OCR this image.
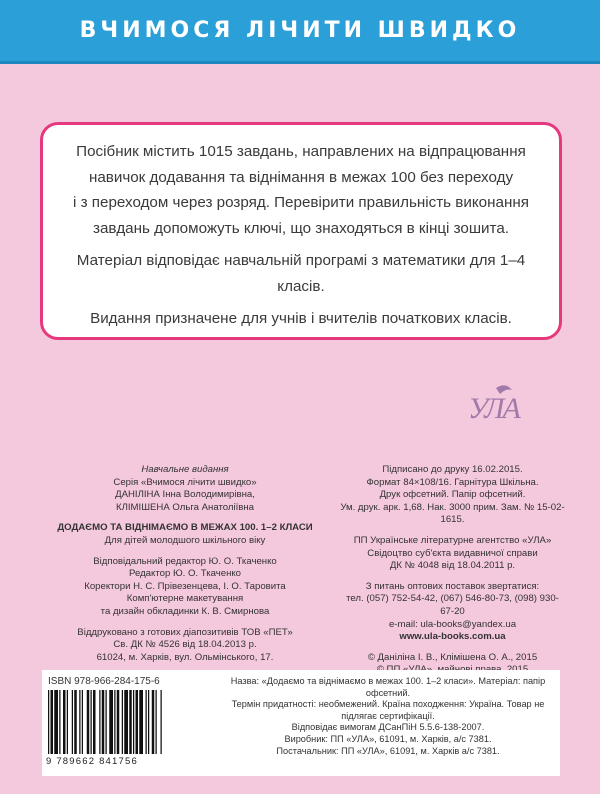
ВЧИМОСЯ ЛІЧИТИ ШВИДКО

Посібник містить 1015 завдань, направлених на відпрацювання
навичок додавання та віднімання в межах 100 без переходу
і з переходом через розряд. Перевірити правильність виконання
завдань допоможуть ключі, що знаходяться в кінці зошита.

Матеріал відповідає навчальній програмі з математики для 1–4 класів.

Видання призначене для учнів і вчителів початкових класів.

УЛА
Навчальне видання
Серія «Вчимося лічити швидко»
ДАНІЛІНА Інна Володимирівна,
КЛІМІШЕНА Ольга Анатоліївна
ДОДАЄМО ТА ВІДНІМАЄМО В МЕЖАХ 100. 1–2 КЛАСИ
Для дітей молодшого шкільного віку
Відповідальний редактор Ю. О. Ткаченко
Редактор Ю. О. Ткаченко
Коректори Н. С. Прівезенцева, І. О. Таровита
Комп'ютерне макетування
та дизайн обкладинки К. В. Смирнова
Віддруковано з готових діапозитивів ТОВ «ПЕТ»
Св. ДК № 4526 від 18.04.2013 р.
61024, м. Харків, вул. Ольмінського, 17.
Підписано до друку 16.02.2015.
Формат 84×108/16. Гарнітура Шкільна.
Друк офсетний. Папір офсетний.
Ум. друк. арк. 1,68. Нак. 3000 прим. Зам. № 15-02-1615.
ПП Українське літературне агентство «УЛА»
Свідоцтво суб'єкта видавничої справи
ДК № 4048 від 18.04.2011 р.
З питань оптових поставок звертатися:
тел. (057) 752-54-42, (067) 546-80-73, (098) 930-67-20
e-mail: ula-books@yandex.ua
www.ula-books.com.ua
© Даніліна І. В., Клімішена О. А., 2015
ISBN 978-966-284-175-6
9 789662 841756
Назва: «Додаємо та віднімаємо в межах 100. 1–2 класи». Матеріал: папір офсетний.
Термін придатності: необмежений. Країна походження: Україна. Товар не підлягає сертифікації.
Відповідає вимогам ДСанПіН 5.5.6-138-2007.
Виробник: ПП «УЛА», 61091, м. Харків, а/с 7381.
Постачальник: ПП «УЛА», 61091, м. Харків а/с 7381.
